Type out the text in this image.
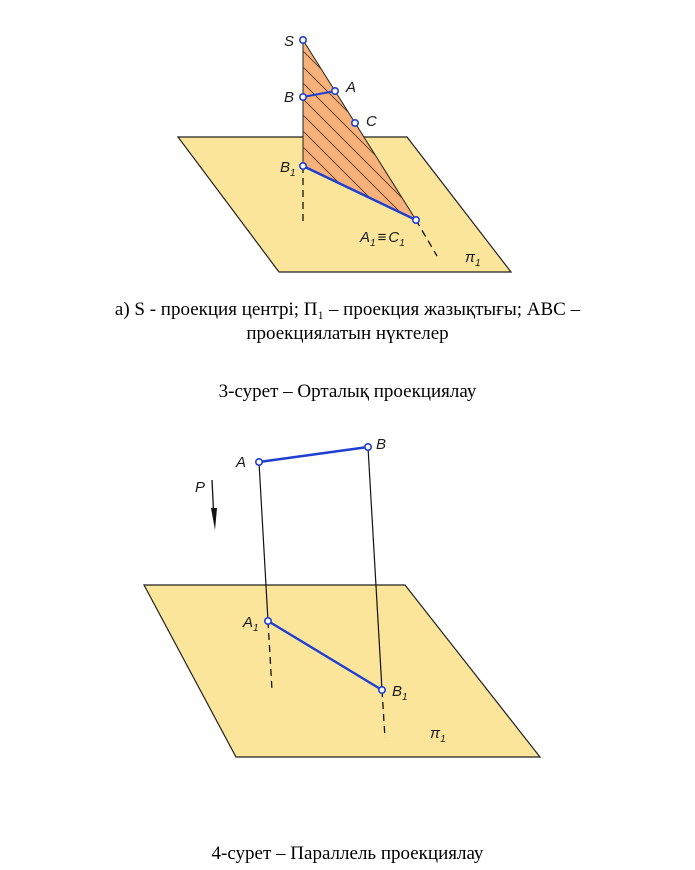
S
B
A
C
$B_1$
$A_1 \equiv C_1$
$\pi_1$
P
A
B
$A_1$
$B_1$
$\pi_1$
а) S - проекция центрі; П₁ – проекция жазықтығы; АВС –
проекциялатын нүктелер
3-сурет – Орталық проекциялау
4-сурет – Параллель проекциялау
